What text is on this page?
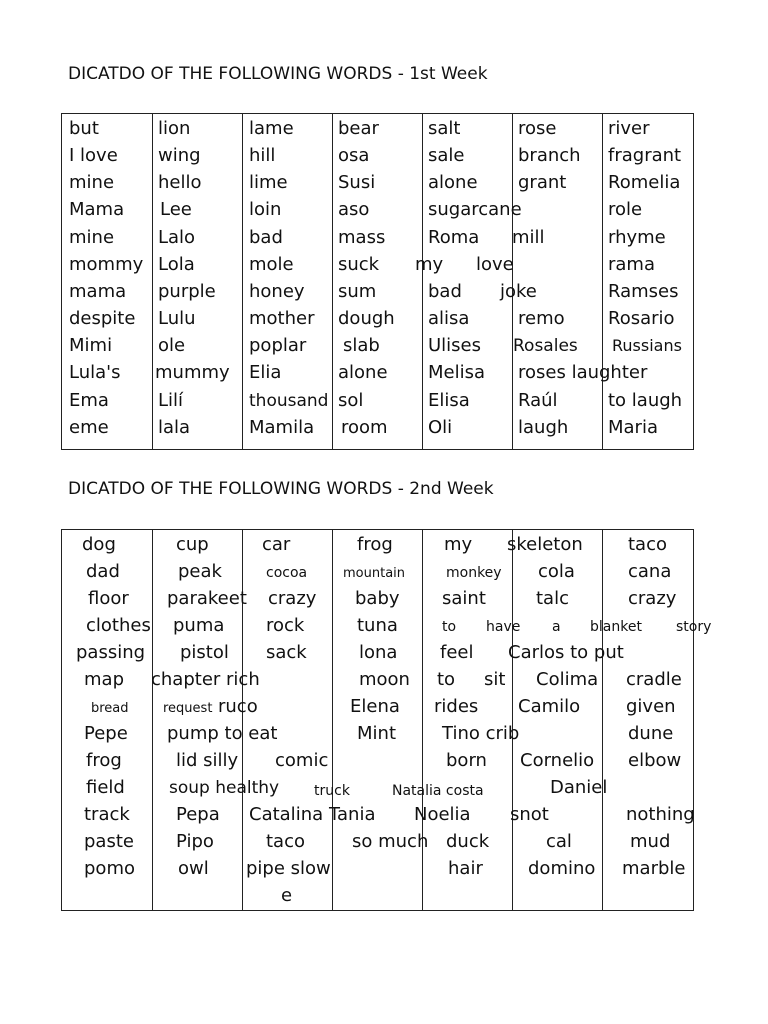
DICATDO OF THE FOLLOWING WORDS - 1st Week
but
I love
mine
Mama
mine
mommy
mama
despite
Mimi
Lula's
Ema
eme
lion
wing
hello
Lee
Lalo
Lola
purple
Lulu
ole
mummy
Lilí
lala
lame
hill
lime
loin
bad
mole
honey
mother
poplar
Elia
thousand
Mamila
bear
osa
Susi
aso
mass
suck
sum
dough
slab
alone
sol
room
salt
sale
alone
sugarcane
Roma
my love
bad joke
alisa
Ulises
Melisa
Elisa
Oli
rose
branch
grant
mill
remo
Rosales
roses laughter
Raúl
laugh
river
fragrant
Romelia
role
rhyme
rama
Ramses
Rosario
Russians
to laugh
Maria
DICATDO OF THE FOLLOWING WORDS - 2nd Week
dog
dad
floor
clothes
passing
map
bread
Pepe
frog
field
track
paste
pomo
cup
peak
parakeet
puma
pistol
chapter rich
request ruco
pump to eat
lid silly
soup healthy
Pepa
Pipo
owl
car
cocoa
crazy
rock
sack
comic
truck
Catalina
taco
pipe slow
e
frog
mountain
baby
tuna
lona
moon
Elena
Mint
Tania
so much
my
monkey
saint
to have a
feel
to sit
rides
Tino crib
born
Natalia costa
Noelia
duck
hair
skeleton
cola
talc
blanket
Carlos to put
Colima
Camilo
Cornelio
Daniel
snot
cal
domino
taco
cana
crazy
story
cradle
given
dune
elbow
nothing
mud
marble
